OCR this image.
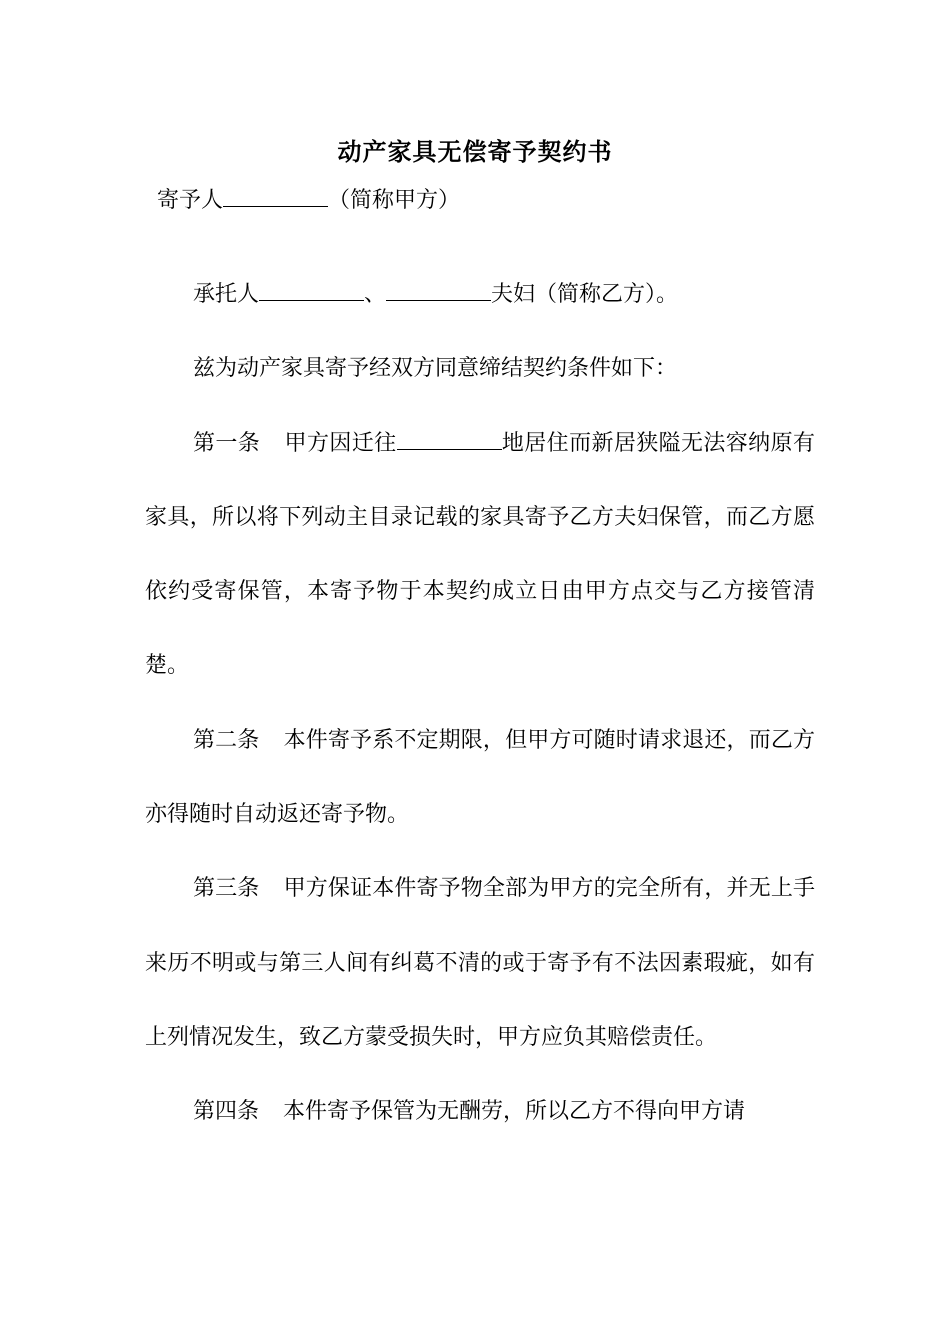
动产家具无偿寄予契约书
寄予人	（简称甲方）

承托人	、	夫妇（简称乙方）。

兹为动产家具寄予经双方同意缔结契约条件如下：

第一条 甲方因迁往	地居住而新居狭隘无法容纳原有家具，所以将下列动主目录记载的家具寄予乙方夫妇保管，而乙方愿依约受寄保管，本寄予物于本契约成立日由甲方点交与乙方接管清楚。

第二条 本件寄予系不定期限，但甲方可随时请求退还，而乙方亦得随时自动返还寄予物。

第三条 甲方保证本件寄予物全部为甲方的完全所有，并无上手来历不明或与第三人间有纠葛不清的或于寄予有不法因素瑕疵，如有上列情况发生，致乙方蒙受损失时，甲方应负其赔偿责任。

第四条 本件寄予保管为无酬劳，所以乙方不得向甲方请
